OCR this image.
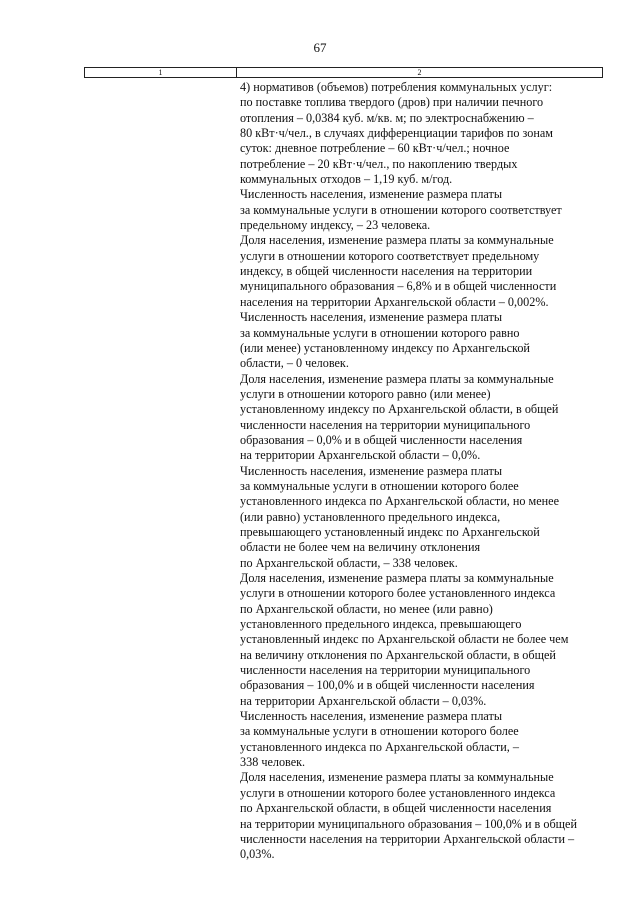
67
1	2
4) нормативов (объемов) потребления коммунальных услуг:
по поставке топлива твердого (дров) при наличии печного
отопления – 0,0384 куб. м/кв. м; по электроснабжению –
80 кВт·ч/чел., в случаях дифференциации тарифов по зонам
суток: дневное потребление – 60 кВт·ч/чел.; ночное
потребление – 20 кВт·ч/чел., по накоплению твердых
коммунальных отходов – 1,19 куб. м/год.
Численность населения, изменение размера платы
за коммунальные услуги в отношении которого соответствует
предельному индексу, – 23 человека.
Доля населения, изменение размера платы за коммунальные
услуги в отношении которого соответствует предельному
индексу, в общей численности населения на территории
муниципального образования – 6,8% и в общей численности
населения на территории Архангельской области – 0,002%.
Численность населения, изменение размера платы
за коммунальные услуги в отношении которого равно
(или менее) установленному индексу по Архангельской
области, – 0 человек.
Доля населения, изменение размера платы за коммунальные
услуги в отношении которого равно (или менее)
установленному индексу по Архангельской области, в общей
численности населения на территории муниципального
образования – 0,0% и в общей численности населения
на территории Архангельской области – 0,0%.
Численность населения, изменение размера платы
за коммунальные услуги в отношении которого более
установленного индекса по Архангельской области, но менее
(или равно) установленного предельного индекса,
превышающего установленный индекс по Архангельской
области не более чем на величину отклонения
по Архангельской области, – 338 человек.
Доля населения, изменение размера платы за коммунальные
услуги в отношении которого более установленного индекса
по Архангельской области, но менее (или равно)
установленного предельного индекса, превышающего
установленный индекс по Архангельской области не более чем
на величину отклонения по Архангельской области, в общей
численности населения на территории муниципального
образования – 100,0% и в общей численности населения
на территории Архангельской области – 0,03%.
Численность населения, изменение размера платы
за коммунальные услуги в отношении которого более
установленного индекса по Архангельской области, –
338 человек.
Доля населения, изменение размера платы за коммунальные
услуги в отношении которого более установленного индекса
по Архангельской области, в общей численности населения
на территории муниципального образования – 100,0% и в общей
численности населения на территории Архангельской области –
0,03%.
